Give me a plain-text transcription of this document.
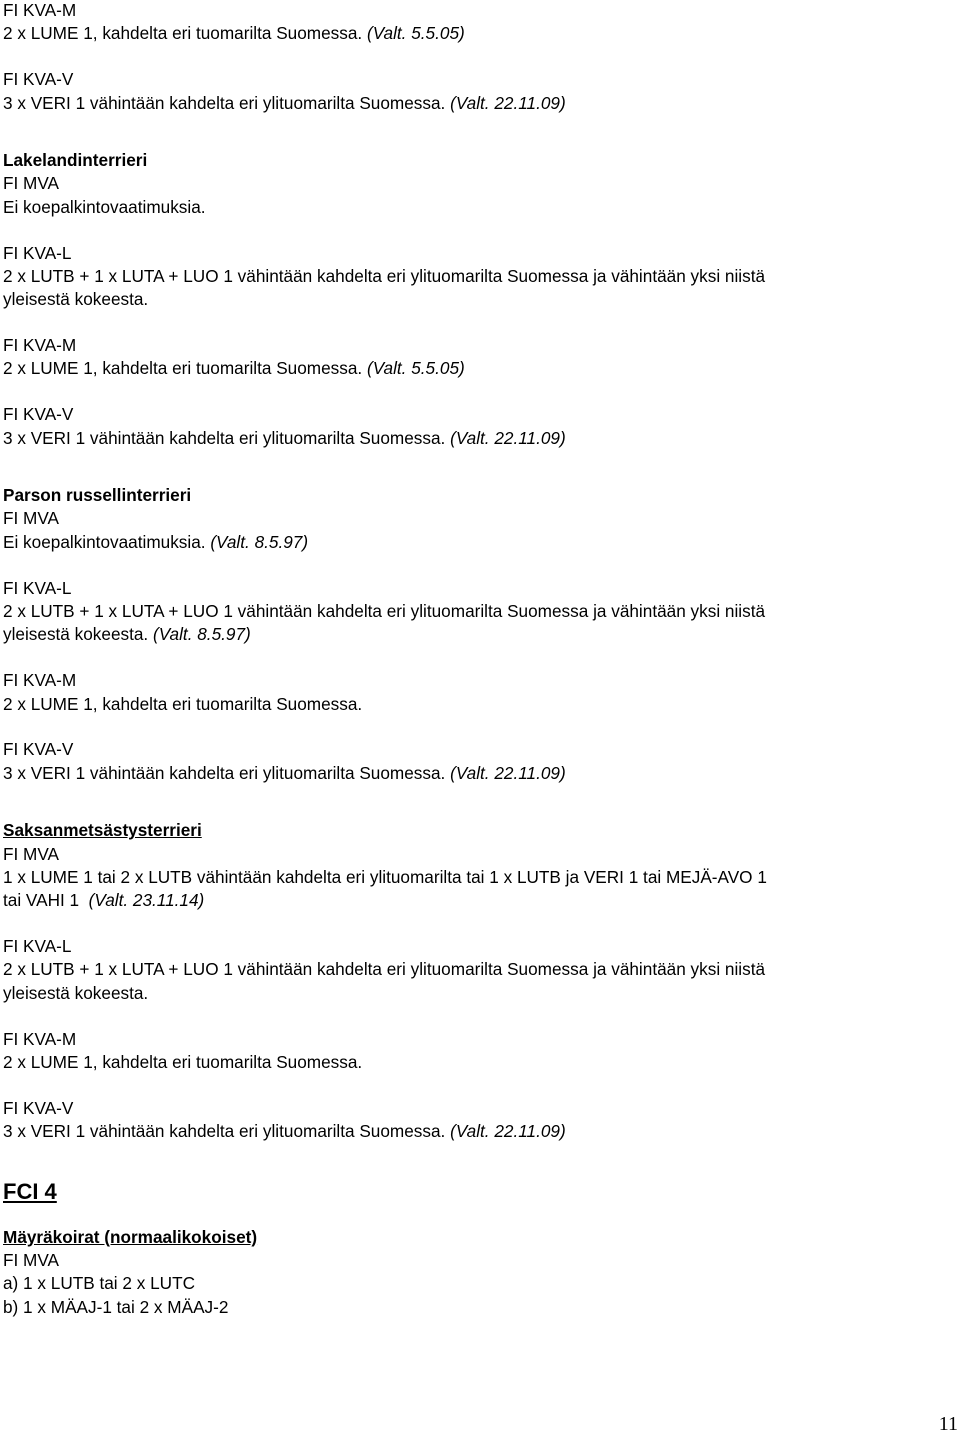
FI KVA-M
2 x LUME 1, kahdelta eri tuomarilta Suomessa. (Valt. 5.5.05)
FI KVA-V
3 x VERI 1 vähintään kahdelta eri ylituomarilta Suomessa. (Valt. 22.11.09)
Lakelandinterrieri
FI MVA
Ei koepalkintovaatimuksia.
FI KVA-L
2 x LUTB + 1 x LUTA + LUO 1 vähintään kahdelta eri ylituomarilta Suomessa ja vähintään yksi niistä
yleisestä kokeesta.
FI KVA-M
2 x LUME 1, kahdelta eri tuomarilta Suomessa. (Valt. 5.5.05)
FI KVA-V
3 x VERI 1 vähintään kahdelta eri ylituomarilta Suomessa. (Valt. 22.11.09)
Parson russellinterrieri
FI MVA
Ei koepalkintovaatimuksia. (Valt. 8.5.97)
FI KVA-L
2 x LUTB + 1 x LUTA + LUO 1 vähintään kahdelta eri ylituomarilta Suomessa ja vähintään yksi niistä
yleisestä kokeesta. (Valt. 8.5.97)
FI KVA-M
2 x LUME 1, kahdelta eri tuomarilta Suomessa.
FI KVA-V
3 x VERI 1 vähintään kahdelta eri ylituomarilta Suomessa. (Valt. 22.11.09)
Saksanmetsästysterrieri
FI MVA
1 x LUME 1 tai 2 x LUTB vähintään kahdelta eri ylituomarilta tai 1 x LUTB ja VERI 1 tai MEJÄ-AVO 1
tai VAHI 1  (Valt. 23.11.14)
FI KVA-L
2 x LUTB + 1 x LUTA + LUO 1 vähintään kahdelta eri ylituomarilta Suomessa ja vähintään yksi niistä
yleisestä kokeesta.
FI KVA-M
2 x LUME 1, kahdelta eri tuomarilta Suomessa.
FI KVA-V
3 x VERI 1 vähintään kahdelta eri ylituomarilta Suomessa. (Valt. 22.11.09)
FCI 4
Mäyräkoirat (normaalikokoiset)
FI MVA
a) 1 x LUTB tai 2 x LUTC
b) 1 x MÄAJ-1 tai 2 x MÄAJ-2
11
